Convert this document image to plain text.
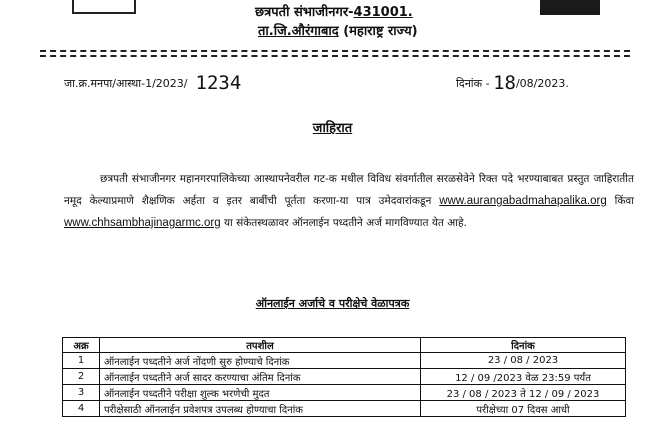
छत्रपती संभाजीनगर-431001.
ता.जि.औरंगाबाद (महाराष्ट्र राज्य)
जा.क्र.मनपा/आस्था-1/2023/ 1234	दिनांक - 18/08/2023.
जाहिरात
छत्रपती संभाजीनगर महानगरपालिकेच्या आस्थापनेवरील गट-क मधील विविध संवर्गातील सरळसेवेने रिक्त पदे भरण्याबाबत प्रस्तुत जाहिरातीत नमूद केल्याप्रमाणे शैक्षणिक अर्हता व इतर बाबींची पूर्तता करणा-या पात्र उमेदवारांकडून www.aurangabadmahapalika.org किंवा www.chhsambhajinagarmc.org या संकेतस्थळावर ऑनलाईन पध्दतीने अर्ज मागविण्यात येत आहे.
ऑनलाईन अर्जाचे व परीक्षेचे वेळापत्रक
अक्र	तपशील	दिनांक
1	ऑनलाईन पध्दतीने अर्ज नोंदणी सुरु होण्याचे दिनांक	23 / 08 / 2023
2	ऑनलाईन पध्दतीने अर्ज सादर करण्याचा अंतिम दिनांक	12 / 09 /2023 वेळ 23:59 पर्यंत
3	ऑनलाईन पध्दतीने परीक्षा शुल्क भरणेची मुदत	23 / 08 / 2023 ते 12 / 09 / 2023
4	परीक्षेसाठी ऑनलाईन प्रवेशपत्र उपलब्ध होण्याचा दिनांक	परीक्षेच्या 07 दिवस आधी
